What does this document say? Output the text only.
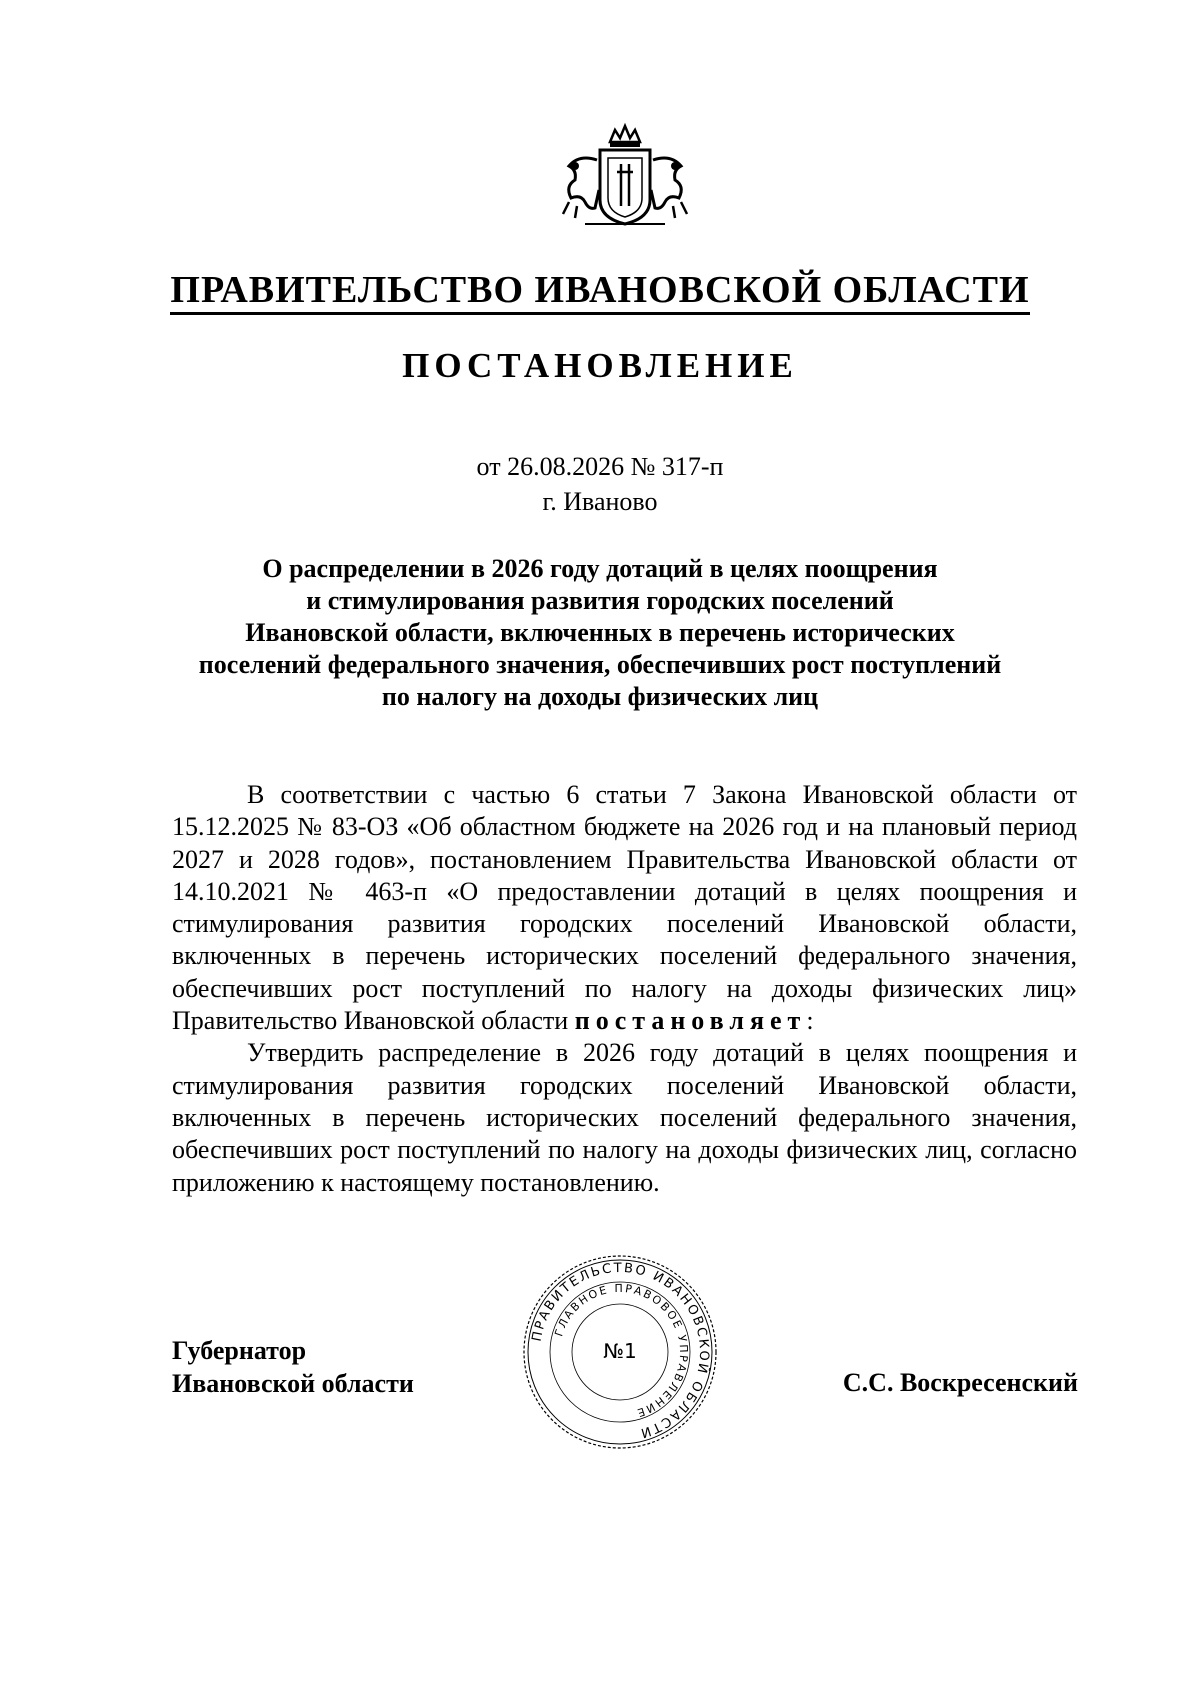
ПРАВИТЕЛЬСТВО ИВАНОВСКОЙ ОБЛАСТИ
ПОСТАНОВЛЕНИЕ
от 26.08.2026 № 317-п
г. Иваново
О распределении в 2026 году дотаций в целях поощрения
и стимулирования развития городских поселений
Ивановской области, включенных в перечень исторических
поселений федерального значения, обеспечивших рост поступлений
по налогу на доходы физических лиц

В соответствии с частью 6 статьи 7 Закона Ивановской области от 15.12.2025 № 83-ОЗ «Об областном бюджете на 2026 год и на плановый период 2027 и 2028 годов», постановлением Правительства Ивановской области от 14.10.2021 № 463-п «О предоставлении дотаций в целях поощрения и стимулирования развития городских поселений Ивановской области, включенных в перечень исторических поселений федерального значения, обеспечивших рост поступлений по налогу на доходы физических лиц» Правительство Ивановской области постановляет:

Утвердить распределение в 2026 году дотаций в целях поощрения и стимулирования развития городских поселений Ивановской области, включенных в перечень исторических поселений федерального значения, обеспечивших рост поступлений по налогу на доходы физических лиц, согласно приложению к настоящему постановлению.

Губернатор
Ивановской области
ПРАВИТЕЛЬСТВО ИВАНОВСКОЙ ОБЛАСТИ
ГЛАВНОЕ ПРАВОВОЕ УПРАВЛЕНИЕ
№1
С.С. Воскресенский
